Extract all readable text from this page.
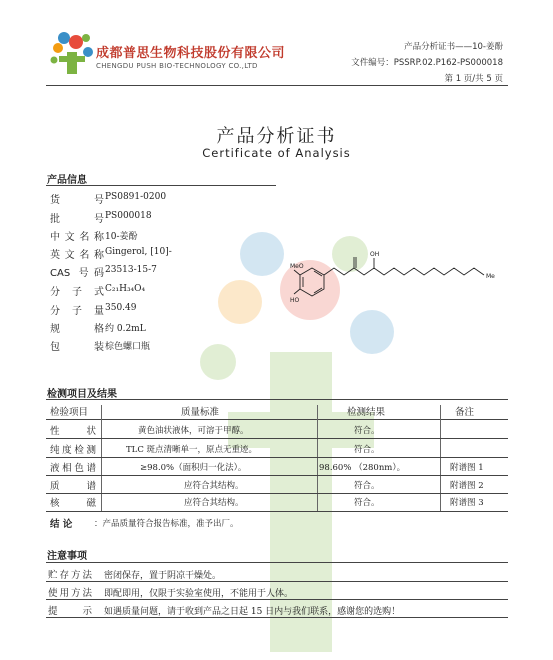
成都普思生物科技股份有限公司
CHENGDU PUSH BIO-TECHNOLOGY CO.,LTD
产品分析证书——10-姜酚
文件编号：PSSRP.02.P162-PS000018
第 1 页/共 5 页
产品分析证书
Certificate of Analysis
产品信息
货号 PS0891-0200
批号 PS000018
中文名称 10-姜酚
英文名称 Gingerol, [10]-
CAS 号码 23513-15-7
分子式 C₂₁H₃₄O₄
分子量 350.49
规格 约 0.2mL
包装 棕色螺口瓶
MeO
HO
OH
Me
检测项目及结果
检验项目	质量标准	检测结果	备注
性状	黄色油状液体，可溶于甲醇。	符合。
纯度检测	TLC 斑点清晰单一，原点无重迹。	符合。
液相色谱	≥98.0%（面积归一化法）。	98.60% （280nm）。	附谱图 1
质谱	应符合其结构。	符合。	附谱图 2
核磁	应符合其结构。	符合。	附谱图 3
结 论	：产品质量符合报告标准，准予出厂。
注意事项
贮存方法 密闭保存，置于阴凉干燥处。
使用方法 即配即用，仅限于实验室使用，不能用于人体。
提示 如遇质量问题，请于收到产品之日起 15 日内与我们联系，感谢您的选购！
